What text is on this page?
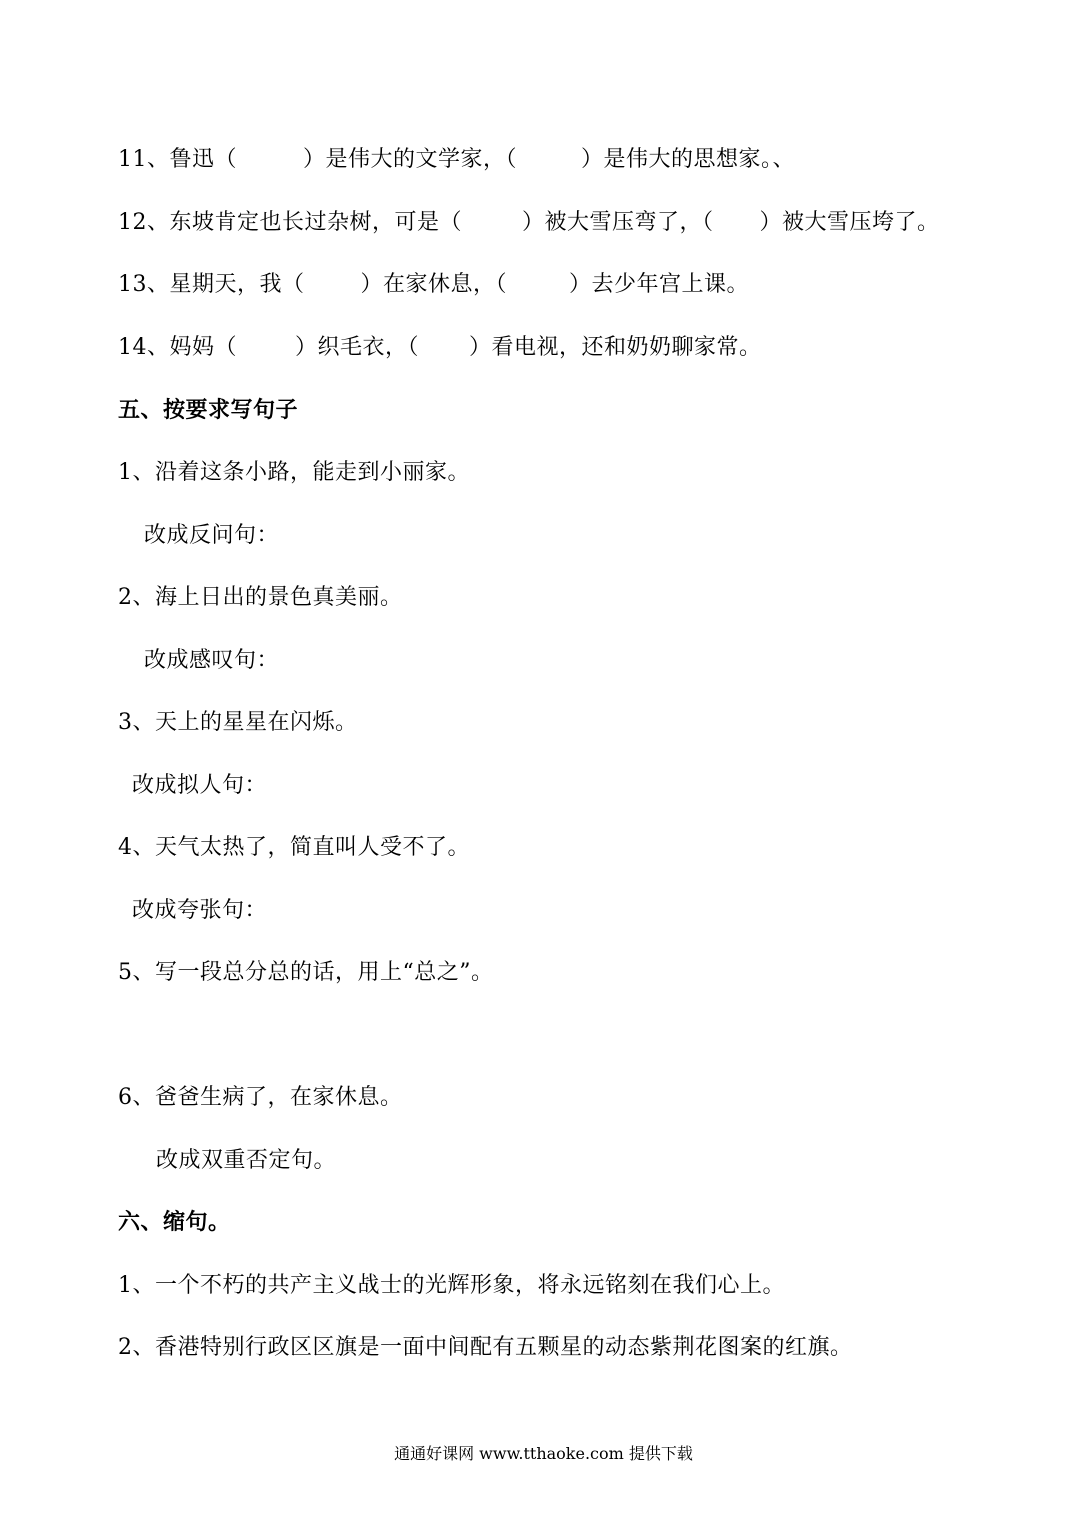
11、鲁迅（	）是伟大的文学家，（	）是伟大的思想家。、
12、东坡肯定也长过杂树，可是（	）被大雪压弯了，（ ）被大雪压垮了。
13、星期天，我（	）在家休息，（	）去少年宫上课。
14、妈妈（	）织毛衣，（ ）看电视，还和奶奶聊家常。
五、按要求写句子
1、沿着这条小路，能走到小丽家。
改成反问句：
2、海上日出的景色真美丽。
改成感叹句：
3、天上的星星在闪烁。
改成拟人句：
4、天气太热了，简直叫人受不了。
改成夸张句：
5、写一段总分总的话，用上“总之”。
6、爸爸生病了，在家休息。
改成双重否定句。
六、缩句。
1、一个不朽的共产主义战士的光辉形象，将永远铭刻在我们心上。
2、香港特别行政区区旗是一面中间配有五颗星的动态紫荆花图案的红旗。
通通好课网 www.tthaoke.com 提供下载
